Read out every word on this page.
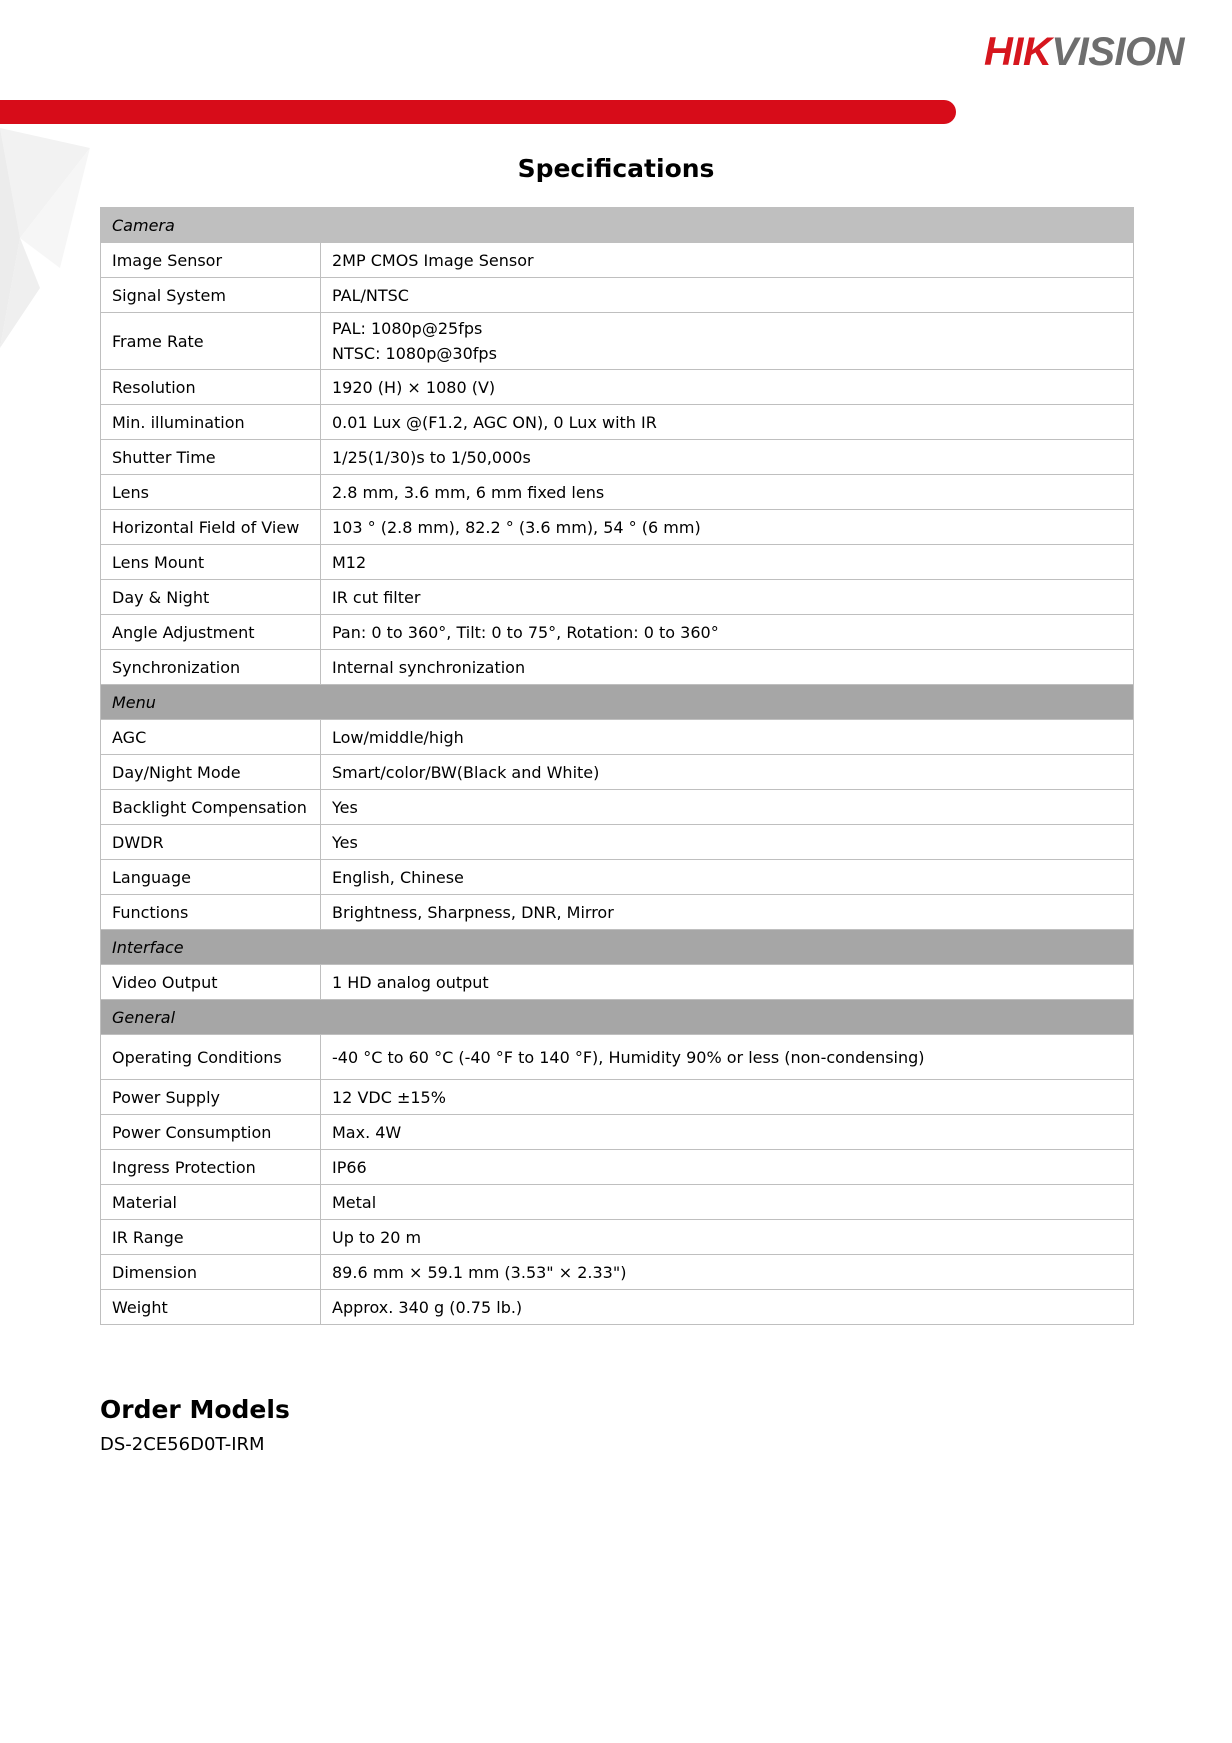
HIKVISION
Specifications
Camera	
Image Sensor	2MP CMOS Image Sensor
Signal System	PAL/NTSC
Frame Rate	PAL: 1080p@25fps
NTSC: 1080p@30fps

Resolution	1920 (H) × 1080 (V)
Min. illumination	0.01 Lux @(F1.2, AGC ON), 0 Lux with IR
Shutter Time	1/25(1/30)s to 1/50,000s
Lens	2.8 mm, 3.6 mm, 6 mm fixed lens
Horizontal Field of View	103 ° (2.8 mm), 82.2 ° (3.6 mm), 54 ° (6 mm)
Lens Mount	M12
Day & Night	IR cut filter
Angle Adjustment	Pan: 0 to 360°, Tilt: 0 to 75°, Rotation: 0 to 360°
Synchronization	Internal synchronization
Menu	
AGC	Low/middle/high
Day/Night Mode	Smart/color/BW(Black and White)
Backlight Compensation	Yes
DWDR	Yes
Language	English, Chinese
Functions	Brightness, Sharpness, DNR, Mirror
Interface	
Video Output	1 HD analog output
General	
Operating Conditions	-40 °C to 60 °C (-40 °F to 140 °F), Humidity 90% or less (non-condensing)
Power Supply	12 VDC ±15%
Power Consumption	Max. 4W
Ingress Protection	IP66
Material	Metal
IR Range	Up to 20 m
Dimension	89.6 mm × 59.1 mm (3.53" × 2.33")
Weight	Approx. 340 g (0.75 lb.)
Order Models
DS-2CE56D0T-IRM
